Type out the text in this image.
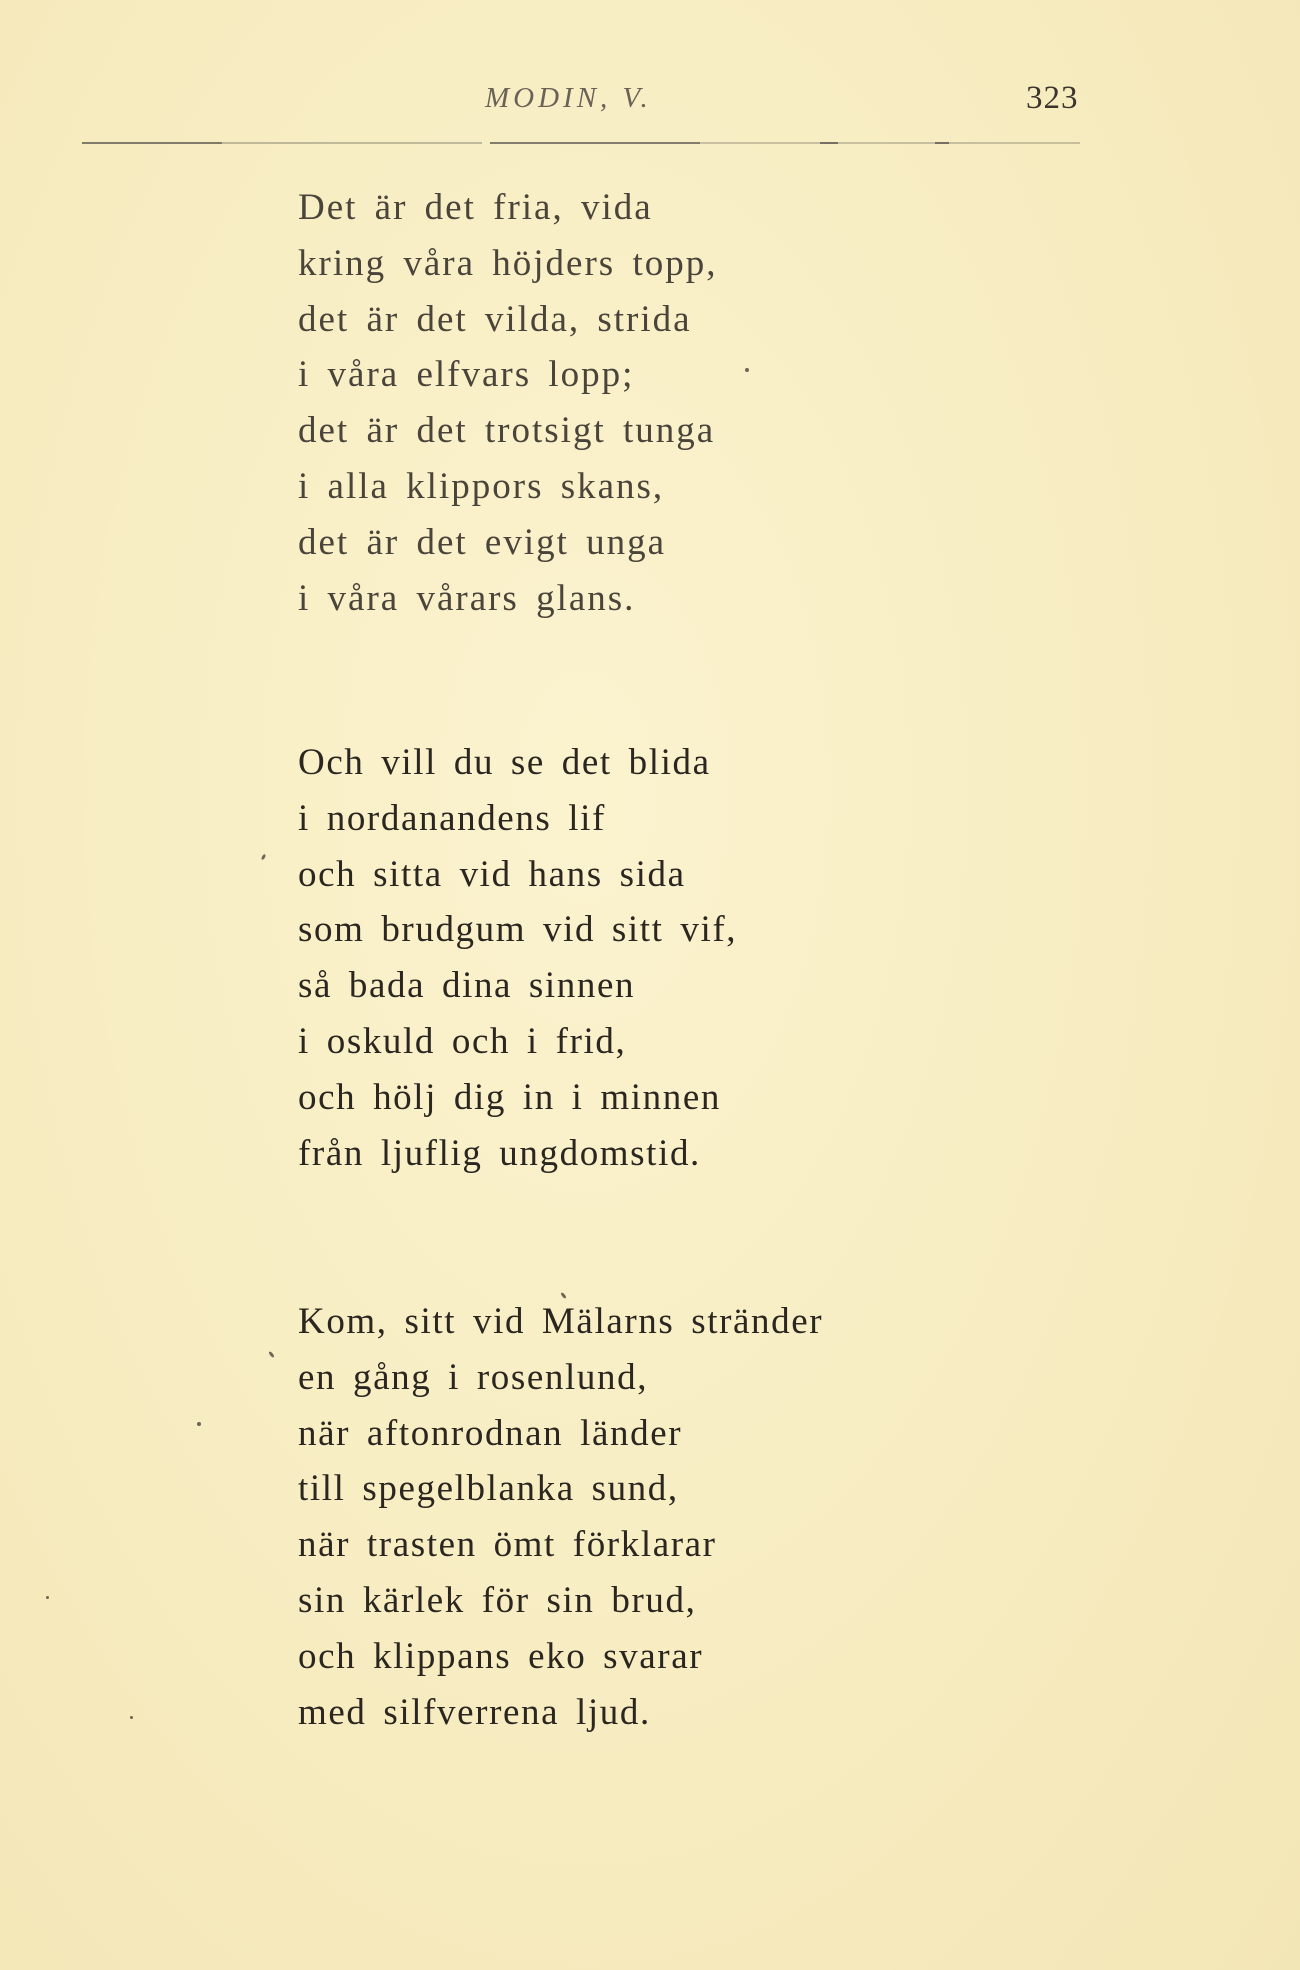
MODIN, V.	323
Det är det fria, vida
kring våra höjders topp,
det är det vilda, strida
i våra elfvars lopp;
det är det trotsigt tunga
i alla klippors skans,
det är det evigt unga
i våra vårars glans.
Och vill du se det blida
i nordanandens lif
och sitta vid hans sida
som brudgum vid sitt vif,
så bada dina sinnen
i oskuld och i frid,
och hölj dig in i minnen
från ljuflig ungdomstid.
Kom, sitt vid Mälarns stränder
en gång i rosenlund,
när aftonrodnan länder
till spegelblanka sund,
när trasten ömt förklarar
sin kärlek för sin brud,
och klippans eko svarar
med silfverrena ljud.
